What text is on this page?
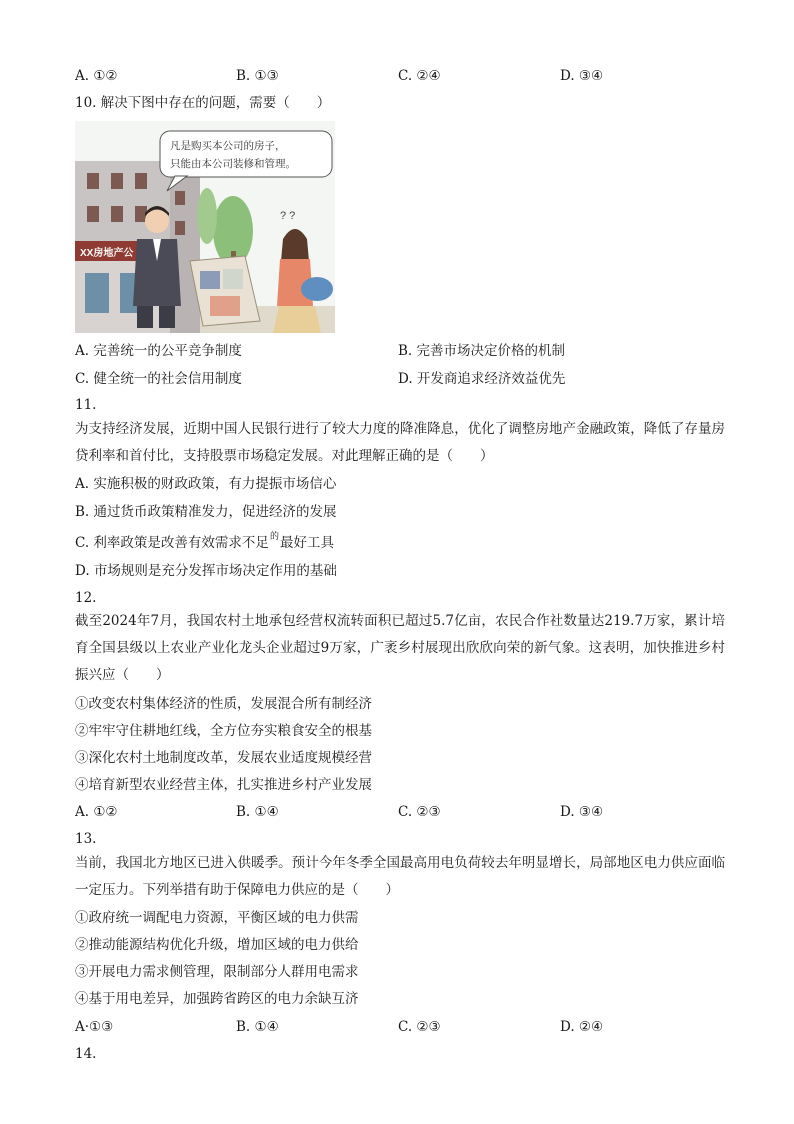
A. ①②	B. ①③	C. ②④	D. ③④
10. 解决下图中存在的问题，需要（　　）
XX房地产公
凡是购买本公司的房子，
只能由本公司装修和管理。
? ?
A. 完善统一的公平竞争制度	B. 完善市场决定价格的机制
C. 健全统一的社会信用制度	D. 开发商追求经济效益优先
11.
为支持经济发展，近期中国人民银行进行了较大力度的降准降息，优化了调整房地产金融政策，降低了存量房贷利率和首付比，支持股票市场稳定发展。对此理解正确的是（　　）
A. 实施积极的财政政策，有力提振市场信心
B. 通过货币政策精准发力，促进经济的发展
C. 利率政策是改善有效需求不足$^的$最好工具
D. 市场规则是充分发挥市场决定作用的基础
12.
截至2024年7月，我国农村土地承包经营权流转面积已超过5.7亿亩，农民合作社数量达219.7万家，累计培育全国县级以上农业产业化龙头企业超过9万家，广袤乡村展现出欣欣向荣的新气象。这表明，加快推进乡村振兴应（　　）
①改变农村集体经济的性质，发展混合所有制经济
②牢牢守住耕地红线，全方位夯实粮食安全的根基
③深化农村土地制度改革，发展农业适度规模经营
④培育新型农业经营主体，扎实推进乡村产业发展
A. ①②	B. ①④	C. ②③	D. ③④
13.
当前，我国北方地区已进入供暖季。预计今年冬季全国最高用电负荷较去年明显增长，局部地区电力供应面临一定压力。下列举措有助于保障电力供应的是（　　）
①政府统一调配电力资源，平衡区域的电力供需
②推动能源结构优化升级，增加区域的电力供给
③开展电力需求侧管理，限制部分人群用电需求
④基于用电差异，加强跨省跨区的电力余缺互济
A·①③	B. ①④	C. ②③	D. ②④
14.
